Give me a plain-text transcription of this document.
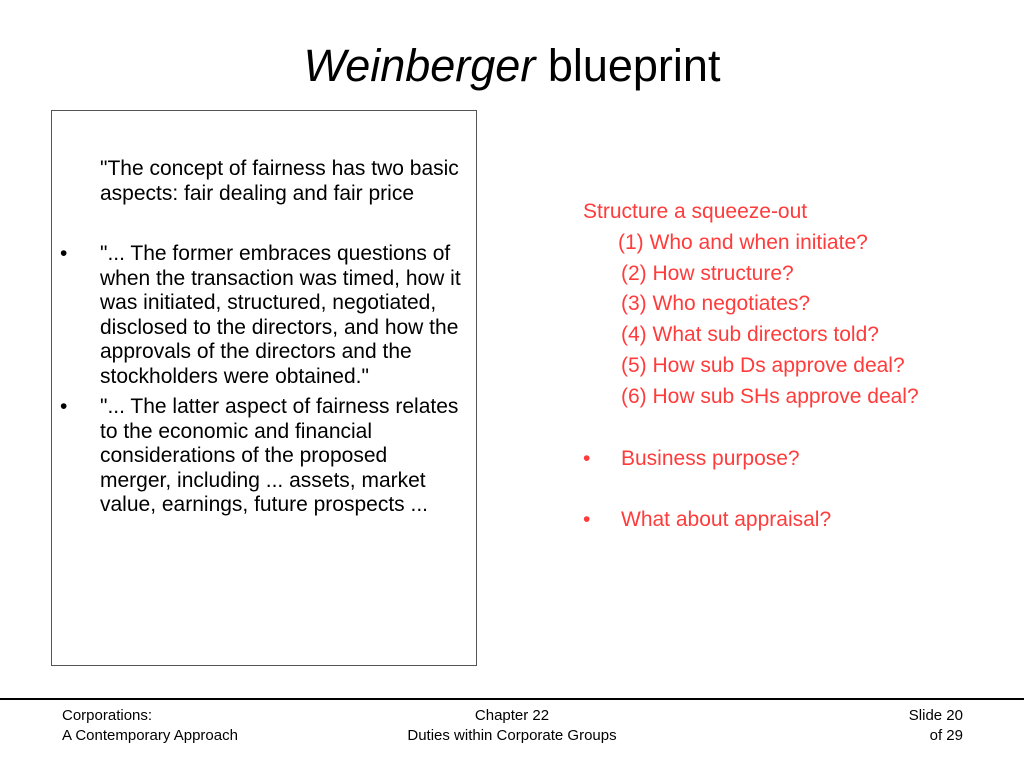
Weinberger blueprint

"The concept of fairness has two basic aspects: fair dealing and fair price

• "... The former embraces questions of when the transaction was timed, how it was initiated, structured, negotiated, disclosed to the directors, and how the approvals of the directors and the stockholders were obtained."

• "... The latter aspect of fairness relates to the economic and financial considerations of the proposed merger, including ... assets, market value, earnings, future prospects ...

Structure a squeeze-out

(1) Who and when initiate?

(2) How structure?

(3) Who negotiates?

(4) What sub directors told?

(5) How sub Ds approve deal?

(6) How sub SHs approve deal?

• Business purpose?

• What about appraisal?

Corporations:
A Contemporary Approach
Chapter 22
Duties within Corporate Groups
Slide 20
of 29
